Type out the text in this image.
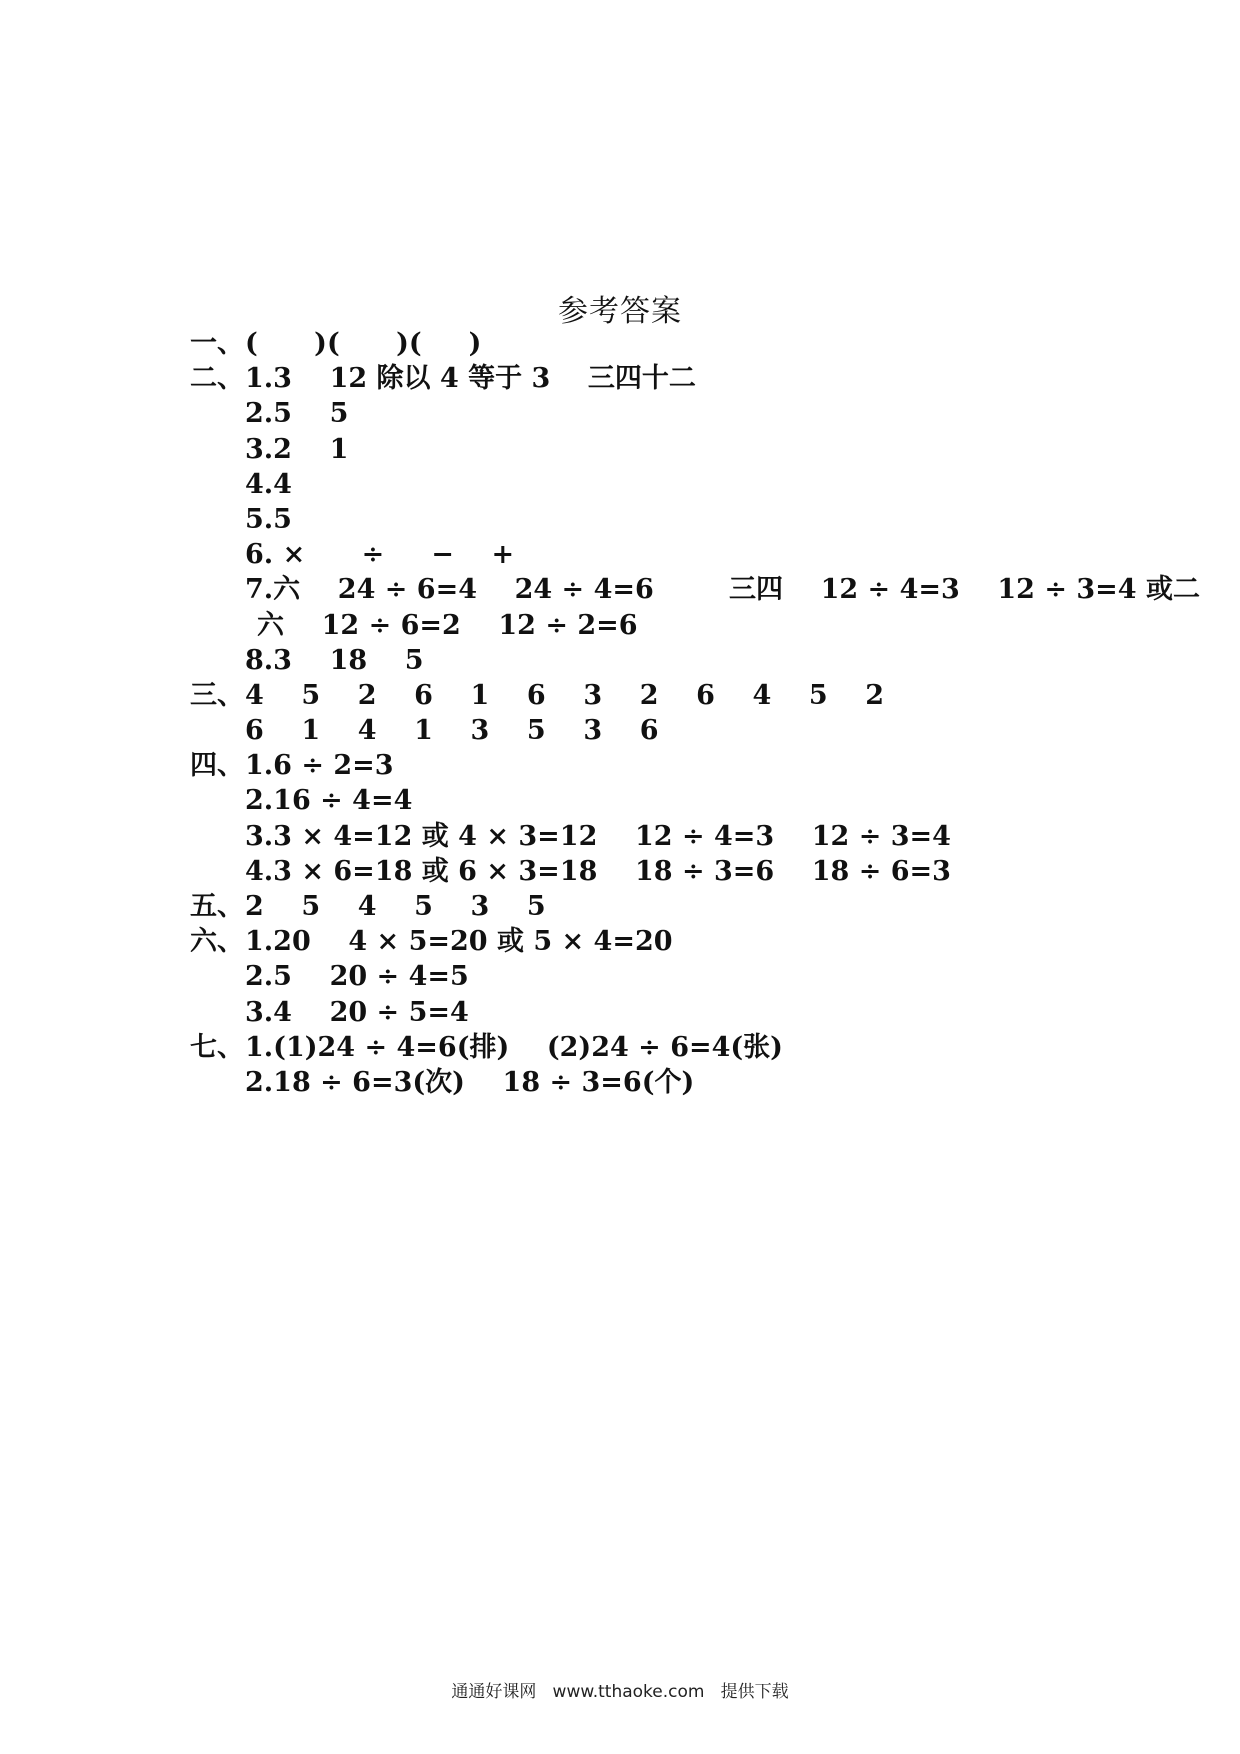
参考答案

一、

(      )(      )(     )

二、

1.3    12 除以 4 等于 3    三四十二

2.5    5

3.2    1

4.4

5.5

6. ×      ÷     −    +

7.六    24 ÷ 6=4    24 ÷ 4=6        三四    12 ÷ 4=3    12 ÷ 3=4 或二

六    12 ÷ 6=2    12 ÷ 2=6

8.3    18    5

三、

4    5    2    6    1    6    3    2    6    4    5    2

6    1    4    1    3    5    3    6

四、

1.6 ÷ 2=3

2.16 ÷ 4=4

3.3 × 4=12 或 4 × 3=12    12 ÷ 4=3    12 ÷ 3=4

4.3 × 6=18 或 6 × 3=18    18 ÷ 3=6    18 ÷ 6=3

五、

2    5    4    5    3    5

六、

1.20    4 × 5=20 或 5 × 4=20

2.5    20 ÷ 4=5

3.4    20 ÷ 5=4

七、

1.(1)24 ÷ 4=6(排)    (2)24 ÷ 6=4(张)

2.18 ÷ 6=3(次)    18 ÷ 3=6(个)

通通好课网   www.tthaoke.com   提供下载
